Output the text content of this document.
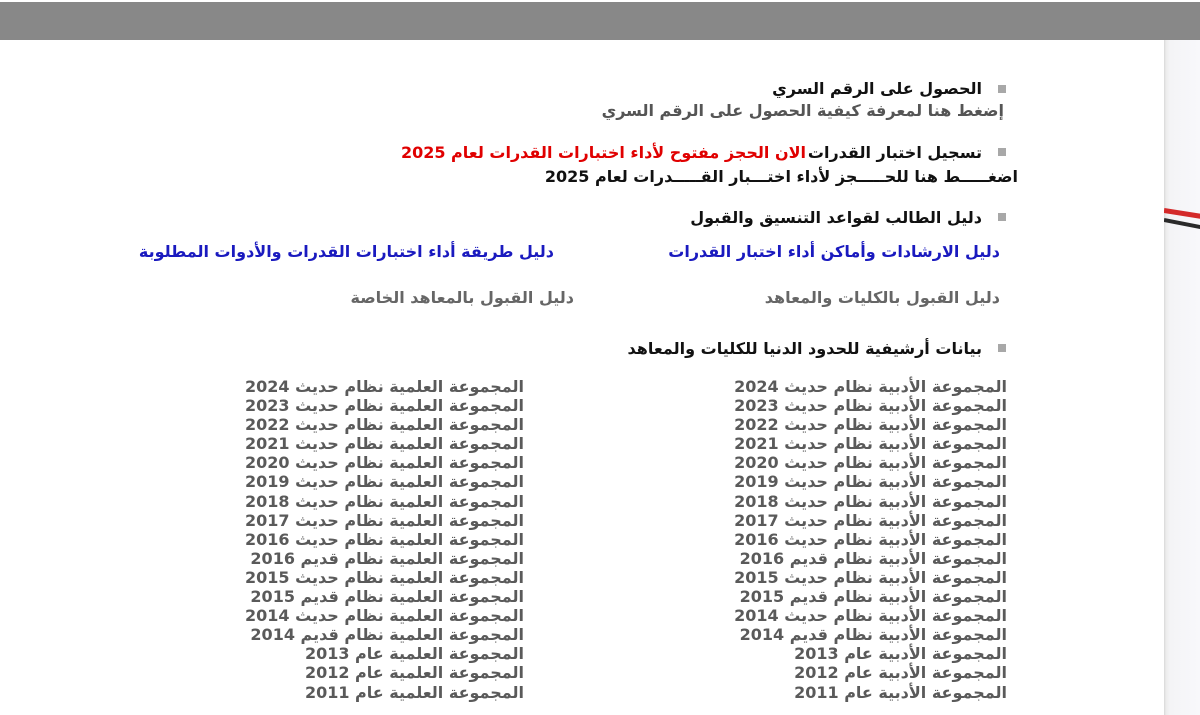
الحصول على الرقم السري
إضغط هنا لمعرفة كيفية الحصول على الرقم السري
تسجيل اختبار القدرات
الان الحجز مفتوح لأداء اختبارات القدرات لعام 2025
اضغـــــط هنا للحـــــجز لأداء اختـــبار القـــــدرات لعام 2025
دليل الطالب لقواعد التنسيق والقبول
دليل الارشادات وأماكن أداء اختبار القدرات
دليل طريقة أداء اختبارات القدرات والأدوات المطلوبة
دليل القبول بالكليات والمعاهد
دليل القبول بالمعاهد الخاصة
بيانات أرشيفية للحدود الدنيا للكليات والمعاهد
المجموعة الأدبية نظام حديث 2024
المجموعة الأدبية نظام حديث 2023
المجموعة الأدبية نظام حديث 2022
المجموعة الأدبية نظام حديث 2021
المجموعة الأدبية نظام حديث 2020
المجموعة الأدبية نظام حديث 2019
المجموعة الأدبية نظام حديث 2018
المجموعة الأدبية نظام حديث 2017
المجموعة الأدبية نظام حديث 2016
المجموعة الأدبية نظام قديم 2016
المجموعة الأدبية نظام حديث 2015
المجموعة الأدبية نظام قديم 2015
المجموعة الأدبية نظام حديث 2014
المجموعة الأدبية نظام قديم 2014
المجموعة الأدبية عام 2013
المجموعة الأدبية عام 2012
المجموعة الأدبية عام 2011
المجموعة العلمية نظام حديث 2024
المجموعة العلمية نظام حديث 2023
المجموعة العلمية نظام حديث 2022
المجموعة العلمية نظام حديث 2021
المجموعة العلمية نظام حديث 2020
المجموعة العلمية نظام حديث 2019
المجموعة العلمية نظام حديث 2018
المجموعة العلمية نظام حديث 2017
المجموعة العلمية نظام حديث 2016
المجموعة العلمية نظام قديم 2016
المجموعة العلمية نظام حديث 2015
المجموعة العلمية نظام قديم 2015
المجموعة العلمية نظام حديث 2014
المجموعة العلمية نظام قديم 2014
المجموعة العلمية عام 2013
المجموعة العلمية عام 2012
المجموعة العلمية عام 2011
